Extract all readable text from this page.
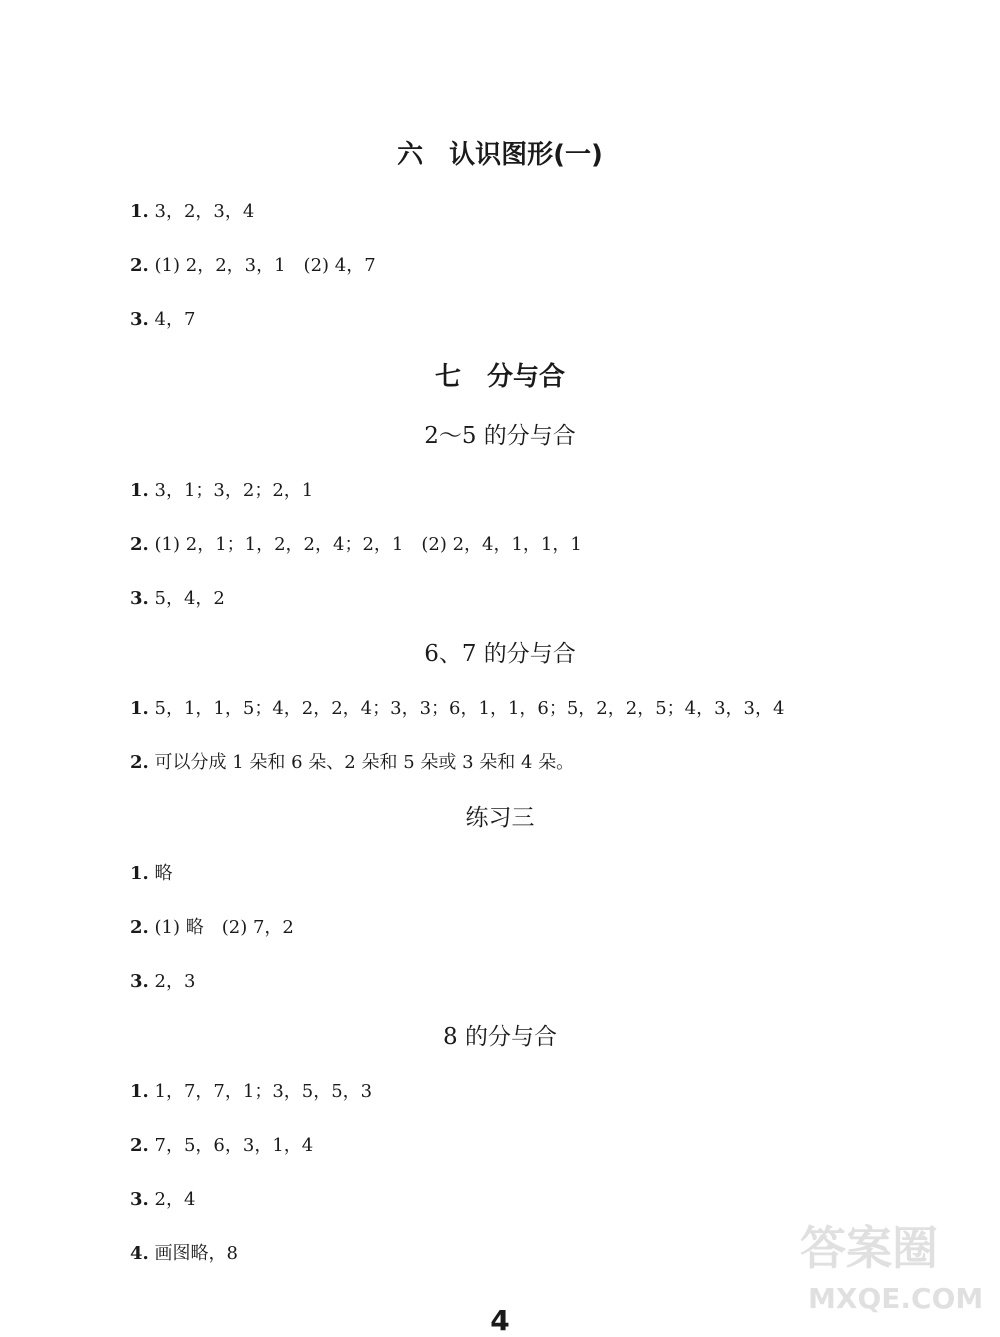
六　认识图形(一)
1. 3，2，3，4
2. (1) 2，2，3，1　(2) 4，7
3. 4，7
七　分与合
2～5 的分与合
1. 3，1；3，2；2，1
2. (1) 2，1；1，2，2，4；2，1　(2) 2，4，1，1，1
3. 5，4，2
6、7 的分与合
1. 5，1，1，5；4，2，2，4；3，3；6，1，1，6；5，2，2，5；4，3，3，4
2. 可以分成 1 朵和 6 朵、2 朵和 5 朵或 3 朵和 4 朵。
练习三
1. 略
2. (1) 略　(2) 7，2
3. 2，3
8 的分与合
1. 1，7，7，1；3，5，5，3
2. 7，5，6，3，1，4
3. 2，4
4. 画图略，8	答案圈
MXQE.COM
4
